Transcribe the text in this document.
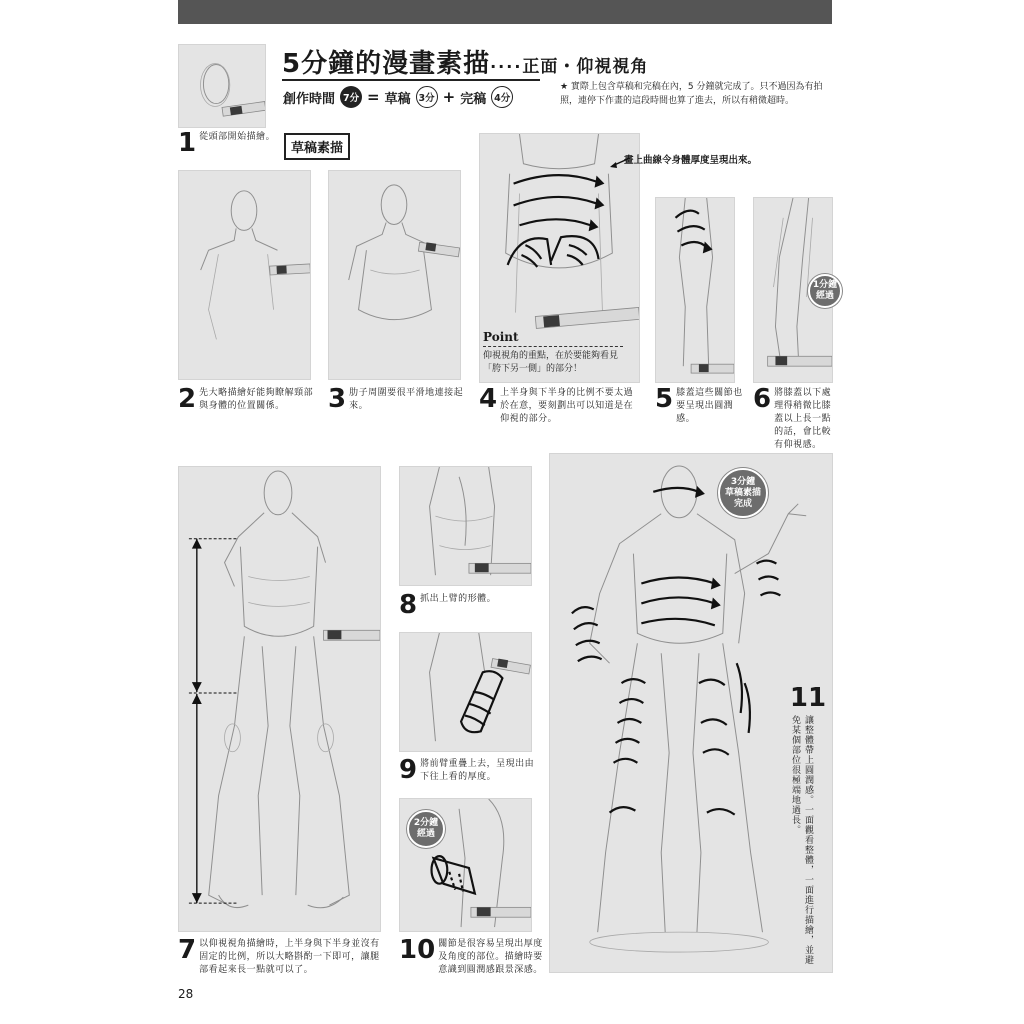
1 從頭部開始描繪。
5分鐘的漫畫素描····正面・仰視視角
創作時間 7分 = 草稿 3分 + 完稿 4分
★ 實際上包含草稿和完稿在內，5 分鐘就完成了。只不過因為有拍照，連停下作畫的這段時間也算了進去，所以有稍微超時。
草稿素描
2 先大略描繪好能夠瞭解頸部與身體的位置關係。	3 肋子周圍要很平滑地連接起來。
畫上曲線令身體厚度呈現出來。
Point
仰視視角的重點，在於要能夠看見「胯下另一側」的部分！
4 上半身與下半身的比例不要太過於在意，要刻劃出可以知道是在仰視的部分。
5 膝蓋這些關節也要呈現出圓潤感。
1分鐘
經過
6 將膝蓋以下處理得稍微比膝蓋以上長一點的話，會比較有仰視感。
7 以仰視視角描繪時，上半身與下半身並沒有固定的比例，所以大略斟酌一下即可，讓腿部看起來長一點就可以了。
8 抓出上臂的形體。
9 將前臂重疊上去，呈現出由下往上看的厚度。
2分鐘
經過
10 關節是很容易呈現出厚度及角度的部位。描繪時要意識到圓潤感跟景深感。
3分鐘
草稿素描
完成
11
讓整體帶上圓潤感。一面觀看整體，一面進行描繪，並避免某個部位很極端地過長。
28
